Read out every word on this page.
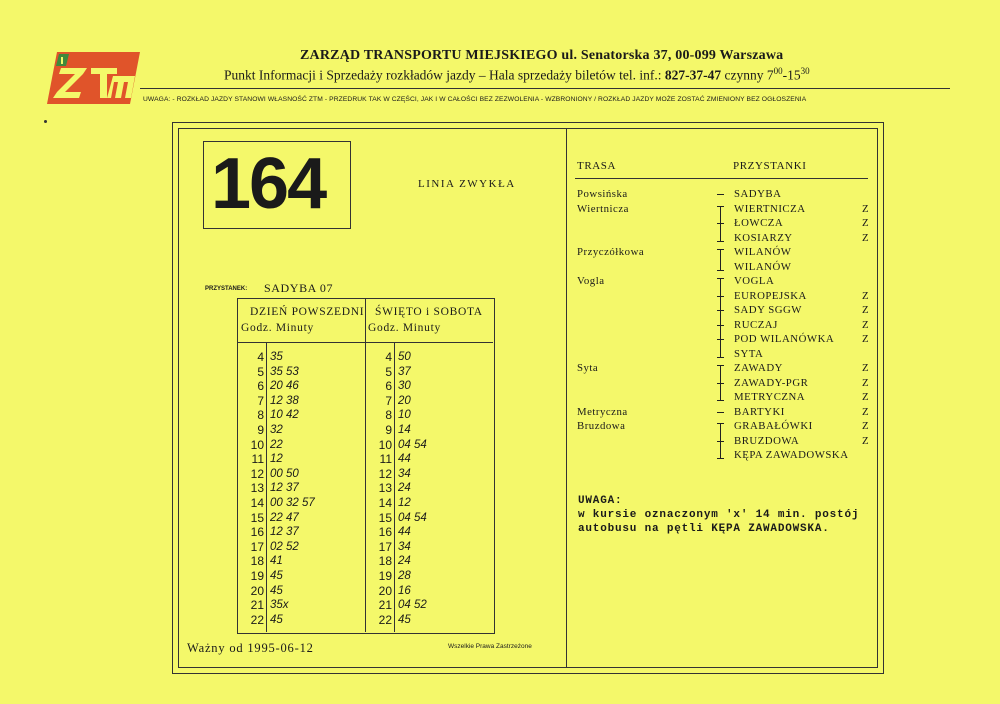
ZARZĄD TRANSPORTU MIEJSKIEGO ul. Senatorska 37, 00-099 Warszawa
Punkt Informacji i Sprzedaży rozkładów jazdy – Hala sprzedaży biletów tel. inf.: 827-37-47 czynny $7^{00}-15^{30}$
UWAGA: - ROZKŁAD JAZDY STANOWI WŁASNOŚĆ ZTM - PRZEDRUK TAK W CZĘŚCI, JAK I W CAŁOŚCI BEZ ZEZWOLENIA - WZBRONIONY / ROZKŁAD JAZDY MOŻE ZOSTAĆ ZMIENIONY BEZ OGŁOSZENIA
164	LINIA ZWYKŁA
PRZYSTANEK: SADYBA 07
DZIEŃ POWSZEDNI
Godz. Minuty
ŚWIĘTO i SOBOTA
Godz. Minuty
4 35
5 35 53
6 20 46
7 12 38
8 10 42
9 32
10 22
11 12
12 00 50
13 12 37
14 00 32 57
15 22 47
16 12 37
17 02 52
18 41
19 45
20 45
21 35x
22 45
4 50
5 37
6 30
7 20
8 10
9 14
10 04 54
11 44
12 34
13 24
14 12
15 04 54
16 44
17 34
18 24
19 28
20 16
21 04 52
22 45
Ważny od 1995-06-12	Wszelkie Prawa Zastrzeżone
TRASA	PRZYSTANKI
Powsińska	SADYBA
Wiertnicza	WIERTNICZA	Z
ŁOWCZA	Z
KOSIARZY	Z
Przyczółkowa	WILANÓW
WILANÓW
Vogla	VOGLA
EUROPEJSKA	Z
SADY SGGW	Z
RUCZAJ	Z
POD WILANÓWKA	Z
SYTA
Syta	ZAWADY	Z
ZAWADY-PGR	Z
METRYCZNA	Z
Metryczna	BARTYKI	Z
Bruzdowa	GRABAŁÓWKI	Z
BRUZDOWA	Z
KĘPA ZAWADOWSKA
UWAGA:
w kursie oznaczonym 'x' 14 min. postój
autobusu na pętli KĘPA ZAWADOWSKA.
